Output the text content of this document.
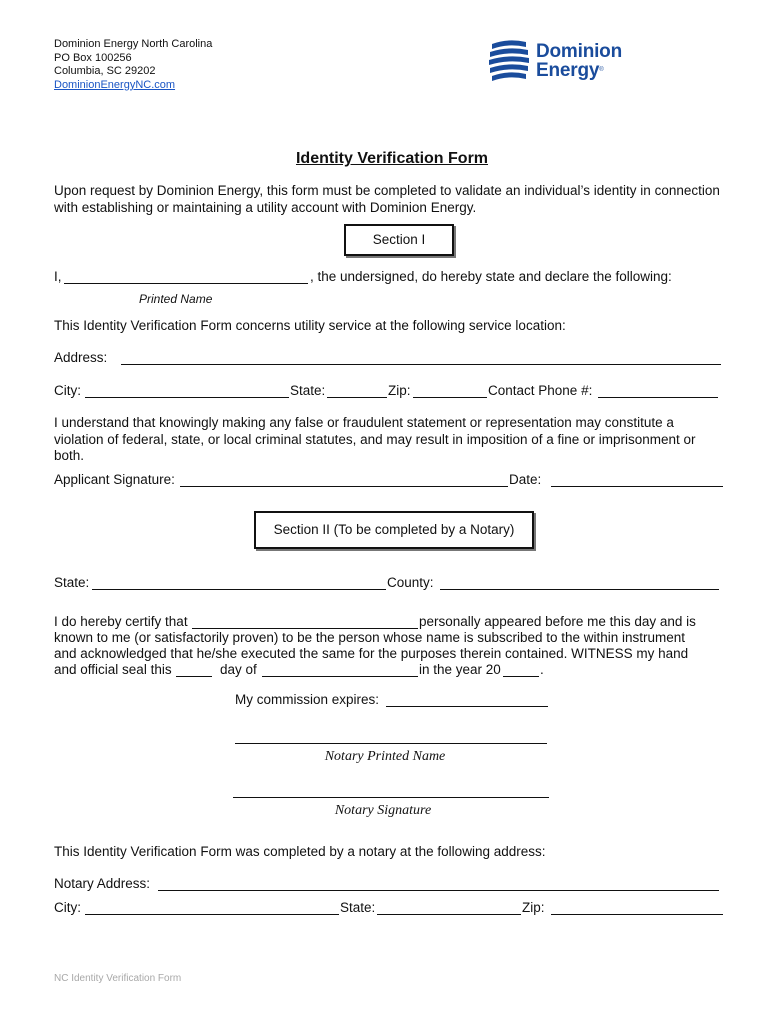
Dominion Energy North Carolina
PO Box 100256
Columbia, SC 29202
DominionEnergyNC.com
Dominion
Energy®
Identity Verification Form
Upon request by Dominion Energy, this form must be completed to validate an individual’s identity in connection with establishing or maintaining a utility account with Dominion Energy.
Section I
I,	, the undersigned, do hereby state and declare the following:
Printed Name
This Identity Verification Form concerns utility service at the following service location:
Address:
City:	State:	Zip:	Contact Phone #:
I understand that knowingly making any false or fraudulent statement or representation may constitute a violation of federal, state, or local criminal statutes, and may result in imposition of a fine or imprisonment or both.
Applicant Signature:	Date:
Section II (To be completed by a Notary)
State:	County:
I do hereby certify that	personally appeared before me this day and is
known to me (or satisfactorily proven) to be the person whose name is subscribed to the within instrument
and acknowledged that he/she executed the same for the purposes therein contained. WITNESS my hand
and official seal this	day of	in the year 20	.
My commission expires:
Notary Printed Name
Notary Signature
This Identity Verification Form was completed by a notary at the following address:
Notary Address:
City:	State:	Zip:
NC Identity Verification Form
